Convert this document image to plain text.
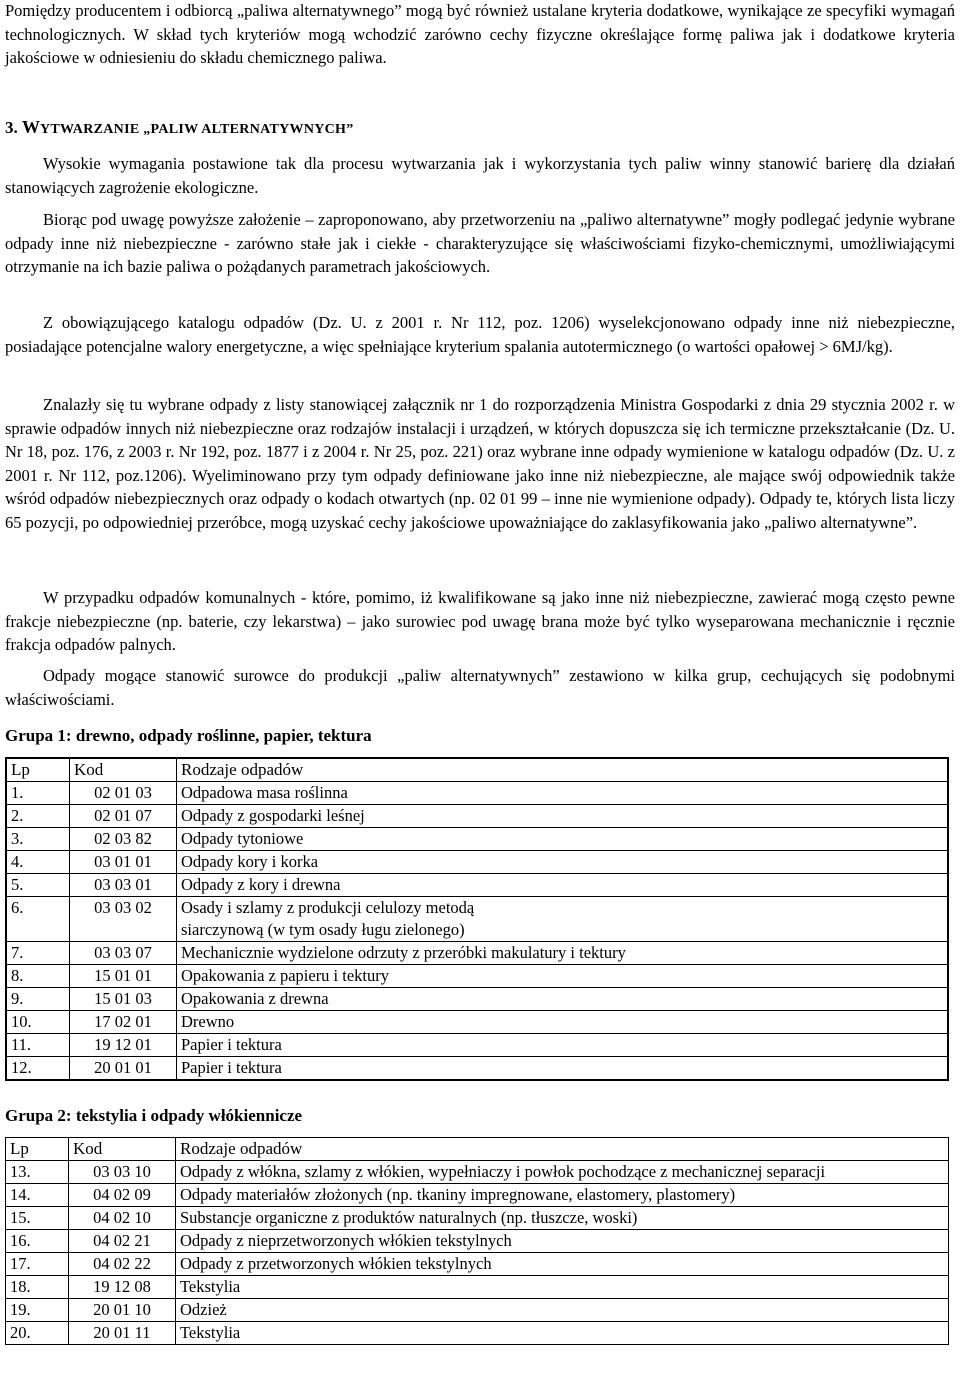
Pomiędzy producentem i odbiorcą „paliwa alternatywnego” mogą być również ustalane kryteria dodatkowe, wynikające ze specyfiki wymagań technologicznych. W skład tych kryteriów mogą wchodzić zarówno cechy fizyczne określające formę paliwa jak i dodatkowe kryteria jakościowe w odniesieniu do składu chemicznego paliwa.

3. WYTWARZANIE „PALIW ALTERNATYWNYCH”

Wysokie wymagania postawione tak dla procesu wytwarzania jak i wykorzystania tych paliw winny stanowić barierę dla działań stanowiących zagrożenie ekologiczne.

Biorąc pod uwagę powyższe założenie – zaproponowano, aby przetworzeniu na „paliwo alternatywne” mogły podlegać jedynie wybrane odpady inne niż niebezpieczne - zarówno stałe jak i ciekłe - charakteryzujące się właściwościami fizyko-chemicznymi, umożliwiającymi otrzymanie na ich bazie paliwa o pożądanych parametrach jakościowych.

Z obowiązującego katalogu odpadów (Dz. U. z 2001 r. Nr 112, poz. 1206) wyselekcjonowano odpady inne niż niebezpieczne, posiadające potencjalne walory energetyczne, a więc spełniające kryterium spalania autotermicznego (o wartości opałowej > 6MJ/kg).

Znalazły się tu wybrane odpady z listy stanowiącej załącznik nr 1 do rozporządzenia Ministra Gospodarki z dnia 29 stycznia 2002 r. w sprawie odpadów innych niż niebezpieczne oraz rodzajów instalacji i urządzeń, w których dopuszcza się ich termiczne przekształcanie (Dz. U. Nr 18, poz. 176, z 2003 r. Nr 192, poz. 1877 i z 2004 r. Nr 25, poz. 221) oraz wybrane inne odpady wymienione w katalogu odpadów (Dz. U. z 2001 r. Nr 112, poz.1206). Wyeliminowano przy tym odpady definiowane jako inne niż niebezpieczne, ale mające swój odpowiednik także wśród odpadów niebezpiecznych oraz odpady o kodach otwartych (np. 02 01 99 – inne nie wymienione odpady). Odpady te, których lista liczy 65 pozycji, po odpowiedniej przeróbce, mogą uzyskać cechy jakościowe upoważniające do zaklasyfikowania jako „paliwo alternatywne”.

W przypadku odpadów komunalnych - które, pomimo, iż kwalifikowane są jako inne niż niebezpieczne, zawierać mogą często pewne frakcje niebezpieczne (np. baterie, czy lekarstwa) – jako surowiec pod uwagę brana może być tylko wyseparowana mechanicznie i ręcznie frakcja odpadów palnych.

Odpady mogące stanowić surowce do produkcji „paliw alternatywnych” zestawiono w kilka grup, cechujących się podobnymi właściwościami.

Grupa 1: drewno, odpady roślinne, papier, tektura
Lp	Kod	Rodzaje odpadów
1.	02 01 03	Odpadowa masa roślinna
2.	02 01 07	Odpady z gospodarki leśnej
3.	02 03 82	Odpady tytoniowe
4.	03 01 01	Odpady kory i korka
5.	03 03 01	Odpady z kory i drewna
6.	03 03 02	Osady i szlamy z produkcji celulozy metodą siarczynową (w tym osady ługu zielonego)
7.	03 03 07	Mechanicznie wydzielone odrzuty z przeróbki makulatury i tektury
8.	15 01 01	Opakowania z papieru i tektury
9.	15 01 03	Opakowania z drewna
10.	17 02 01	Drewno
11.	19 12 01	Papier i tektura
12.	20 01 01	Papier i tektura
Grupa 2: tekstylia i odpady włókiennicze
Lp	Kod	Rodzaje odpadów
13.	03 03 10	Odpady z włókna, szlamy z włókien, wypełniaczy i powłok pochodzące z mechanicznej separacji
14.	04 02 09	Odpady materiałów złożonych (np. tkaniny impregnowane, elastomery, plastomery)
15.	04 02 10	Substancje organiczne z produktów naturalnych (np. tłuszcze, woski)
16.	04 02 21	Odpady z nieprzetworzonych włókien tekstylnych
17.	04 02 22	Odpady z przetworzonych włókien tekstylnych
18.	19 12 08	Tekstylia
19.	20 01 10	Odzież
20.	20 01 11	Tekstylia
